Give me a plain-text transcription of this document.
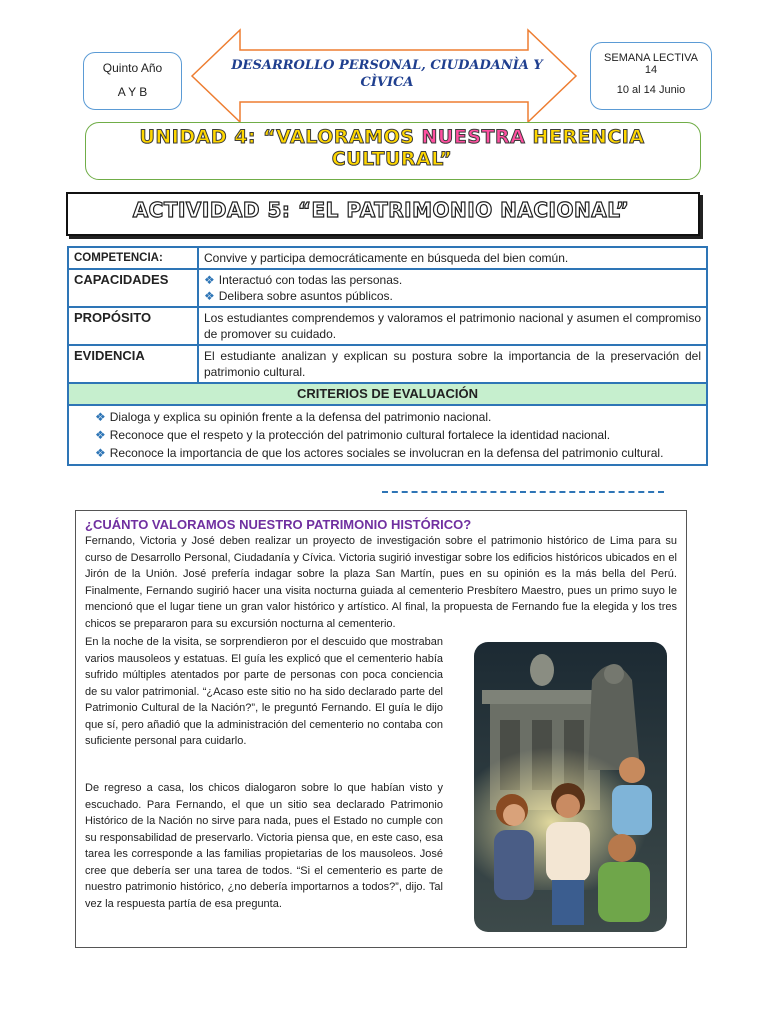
Quinto Año
A Y B
DESARROLLO PERSONAL, CIUDADANÌA Y CÌVICA
SEMANA LECTIVA
14
10 al 14 Junio
UNIDAD 4: “VALORAMOS NUESTRA HERENCIA
CULTURAL”
ACTIVIDAD 5: “EL PATRIMONIO NACIONAL”
COMPETENCIA:	Convive y participa democráticamente en búsqueda del bien común.
CAPACIDADES	❖ Interactuó con todas las personas.
❖ Delibera sobre asuntos públicos.

PROPÓSITO	Los estudiantes comprendemos y valoramos el patrimonio nacional y asumen el compromiso de promover su cuidado.
EVIDENCIA	El estudiante analizan y explican su postura sobre la importancia de la preservación del patrimonio cultural.
CRITERIOS DE EVALUACIÓN	

❖ Dialoga y explica su opinión frente a la defensa del patrimonio nacional.
❖ Reconoce que el respeto y la protección del patrimonio cultural fortalece la identidad nacional.
❖ Reconoce la importancia de que los actores sociales se involucran en la defensa del patrimonio cultural.	
¿CUÁNTO VALORAMOS NUESTRO PATRIMONIO HISTÓRICO?

Fernando, Victoria y José deben realizar un proyecto de investigación sobre el patrimonio histórico de Lima para su curso de Desarrollo Personal, Ciudadanía y Cívica. Victoria sugirió investigar sobre los edificios históricos ubicados en el Jirón de la Unión. José prefería indagar sobre la plaza San Martín, pues en su opinión es la más bella del Perú. Finalmente, Fernando sugirió hacer una visita nocturna guiada al cementerio Presbítero Maestro, pues un primo suyo le mencionó que el lugar tiene un gran valor histórico y artístico. Al final, la propuesta de Fernando fue la elegida y los tres chicos se prepararon para su excursión nocturna al cementerio.

En la noche de la visita, se sorprendieron por el descuido que mostraban varios mausoleos y estatuas. El guía les explicó que el cementerio había sufrido múltiples atentados por parte de personas con poca conciencia de su valor patrimonial. “¿Acaso este sitio no ha sido declarado parte del Patrimonio Cultural de la Nación?”, le preguntó Fernando. El guía le dijo que sí, pero añadió que la administración del cementerio no contaba con suficiente personal para cuidarlo.

De regreso a casa, los chicos dialogaron sobre lo que habían visto y escuchado. Para Fernando, el que un sitio sea declarado Patrimonio Histórico de la Nación no sirve para nada, pues el Estado no cumple con su responsabilidad de preservarlo. Victoria piensa que, en este caso, esa tarea les corresponde a las familias propietarias de los mausoleos. José cree que debería ser una tarea de todos. “Si el cementerio es parte de nuestro patrimonio histórico, ¿no debería importarnos a todos?”, dijo. Tal vez la respuesta partía de esa pregunta.
